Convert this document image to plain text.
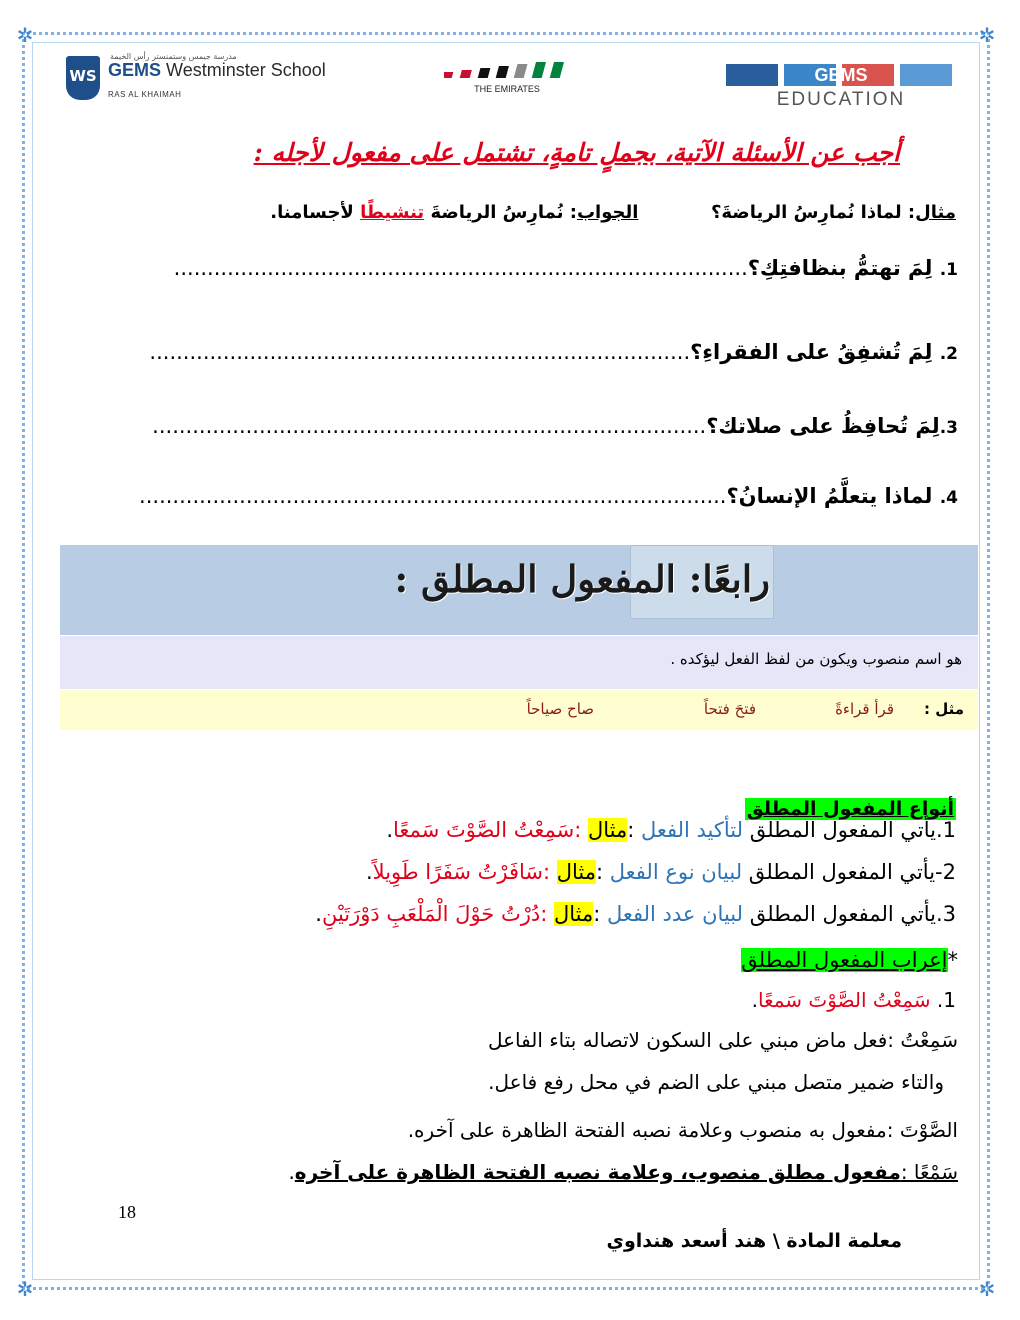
✲	✲
✲	✲
WS
مدرسة جيمس وستمنستر رأس الخيمة
GEMS Westminster School
RAS AL KHAIMAH
THE EMIRATES
GEMS
EDUCATION
أجب عن الأسئلة الآتية، بجملٍ تامةٍ، تشتمل على مفعول لأجله :
مثال: لماذا نُمارِسُ الرياضةَ؟  الجواب: نُمارِسُ الرياضةَ تنشيطًا لأجسامنا.
1. لِمَ تهتمُّ بنظافتِكِ؟......................................................................................
2. لِمَ تُشفِقُ على الفقراءِ؟.................................................................................
3.لِمَ تُحافِظُ على صلاتك؟...................................................................................
4. لماذا يتعلَّمُ الإنسانُ؟........................................................................................
رابعًا: المفعول المطلق :
هو اسم منصوب ويكون من لفظ الفعل ليؤكده .
مثل :
قرأ قراءةً
فتحَ فتحاً
صاح صياحاً
أنواع المفعول المطلق
1.يأتي المفعول المطلق لتأكيد الفعل :مثال :سَمِعْتُ الصَّوْتَ سَمعًا.
2-يأتي المفعول المطلق لبيان نوع الفعل :مثال :سَافَرْتُ سَفَرًا طَوِيلاً.
3.يأتي المفعول المطلق لبيان عدد الفعل :مثال :دُرْتُ حَوْلَ الْمَلْعَبِ دَوْرَتَيْنِ.
*إعراب المفعول المطلق
1. سَمِعْتُ الصَّوْتَ سَمعًا.
سَمِعْتُ :فعل ماض مبني على السكون لاتصاله بتاء الفاعل
والتاء ضمير متصل مبني على الضم في محل رفع فاعل.
الصَّوْتَ :مفعول به منصوب وعلامة نصبه الفتحة الظاهرة على آخره.
سَمْعًا :مفعول مطلق منصوب، وعلامة نصبه الفتحة الظاهرة على آخره.
18
معلمة المادة \ هند أسعد هنداوي
